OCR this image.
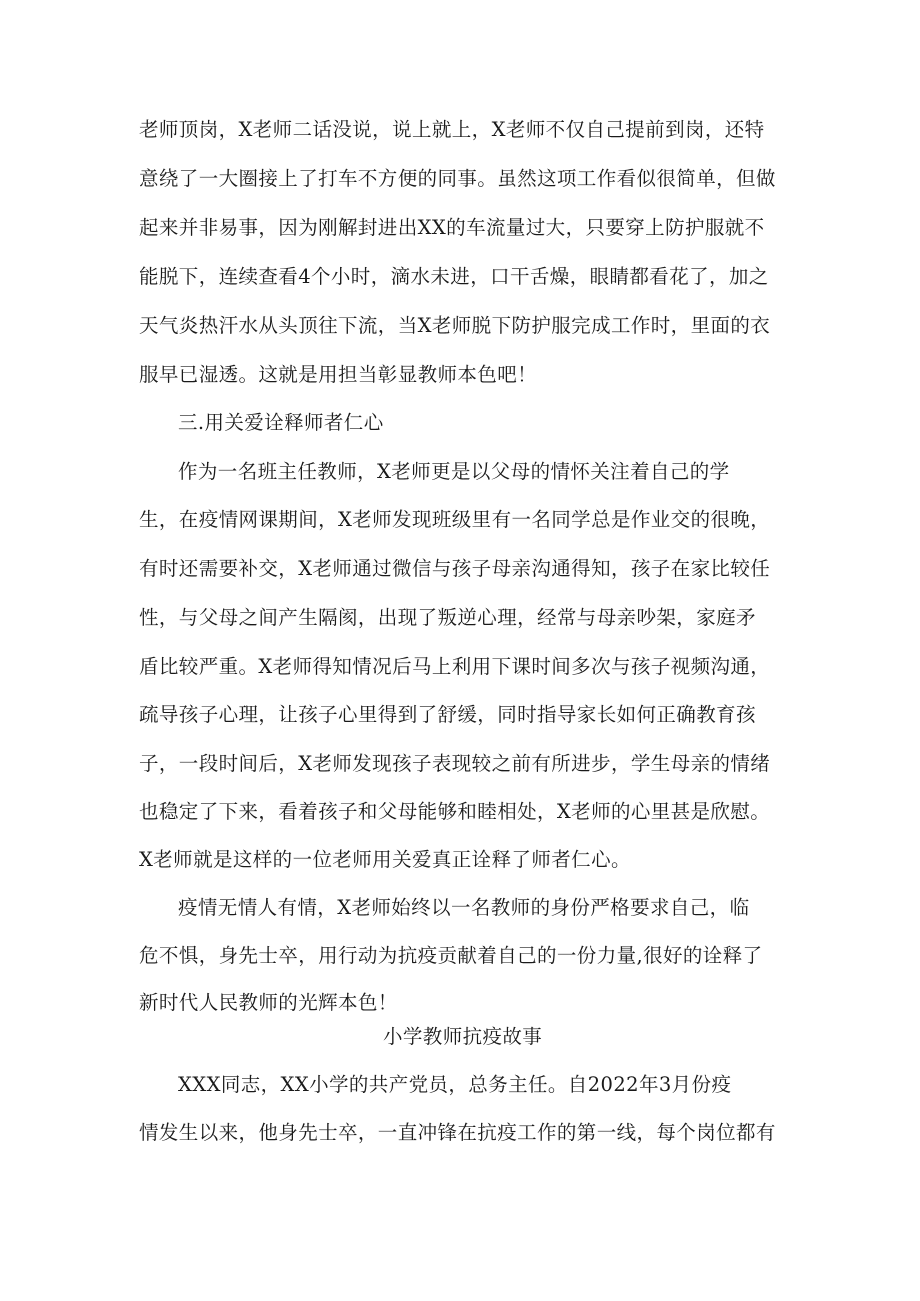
老师顶岗，X老师二话没说，说上就上，X老师不仅自己提前到岗，还特
意绕了一大圈接上了打车不方便的同事。虽然这项工作看似很简单，但做
起来并非易事，因为刚解封进出XX的车流量过大，只要穿上防护服就不
能脱下，连续查看4个小时，滴水未进，口干舌燥，眼睛都看花了，加之
天气炎热汗水从头顶往下流，当X老师脱下防护服完成工作时，里面的衣
服早已湿透。这就是用担当彰显教师本色吧！
三.用关爱诠释师者仁心
作为一名班主任教师，X老师更是以父母的情怀关注着自己的学
生，在疫情网课期间，X老师发现班级里有一名同学总是作业交的很晚，
有时还需要补交，X老师通过微信与孩子母亲沟通得知，孩子在家比较任
性，与父母之间产生隔阂，出现了叛逆心理，经常与母亲吵架，家庭矛
盾比较严重。X老师得知情况后马上利用下课时间多次与孩子视频沟通，
疏导孩子心理，让孩子心里得到了舒缓，同时指导家长如何正确教育孩
子，一段时间后，X老师发现孩子表现较之前有所进步，学生母亲的情绪
也稳定了下来，看着孩子和父母能够和睦相处，X老师的心里甚是欣慰。
X老师就是这样的一位老师用关爱真正诠释了师者仁心。
疫情无情人有情，X老师始终以一名教师的身份严格要求自己，临
危不惧，身先士卒，用行动为抗疫贡献着自己的一份力量,很好的诠释了
新时代人民教师的光辉本色！
小学教师抗疫故事
XXX同志，XX小学的共产党员，总务主任。自2022年3月份疫
情发生以来，他身先士卒，一直冲锋在抗疫工作的第一线，每个岗位都有
